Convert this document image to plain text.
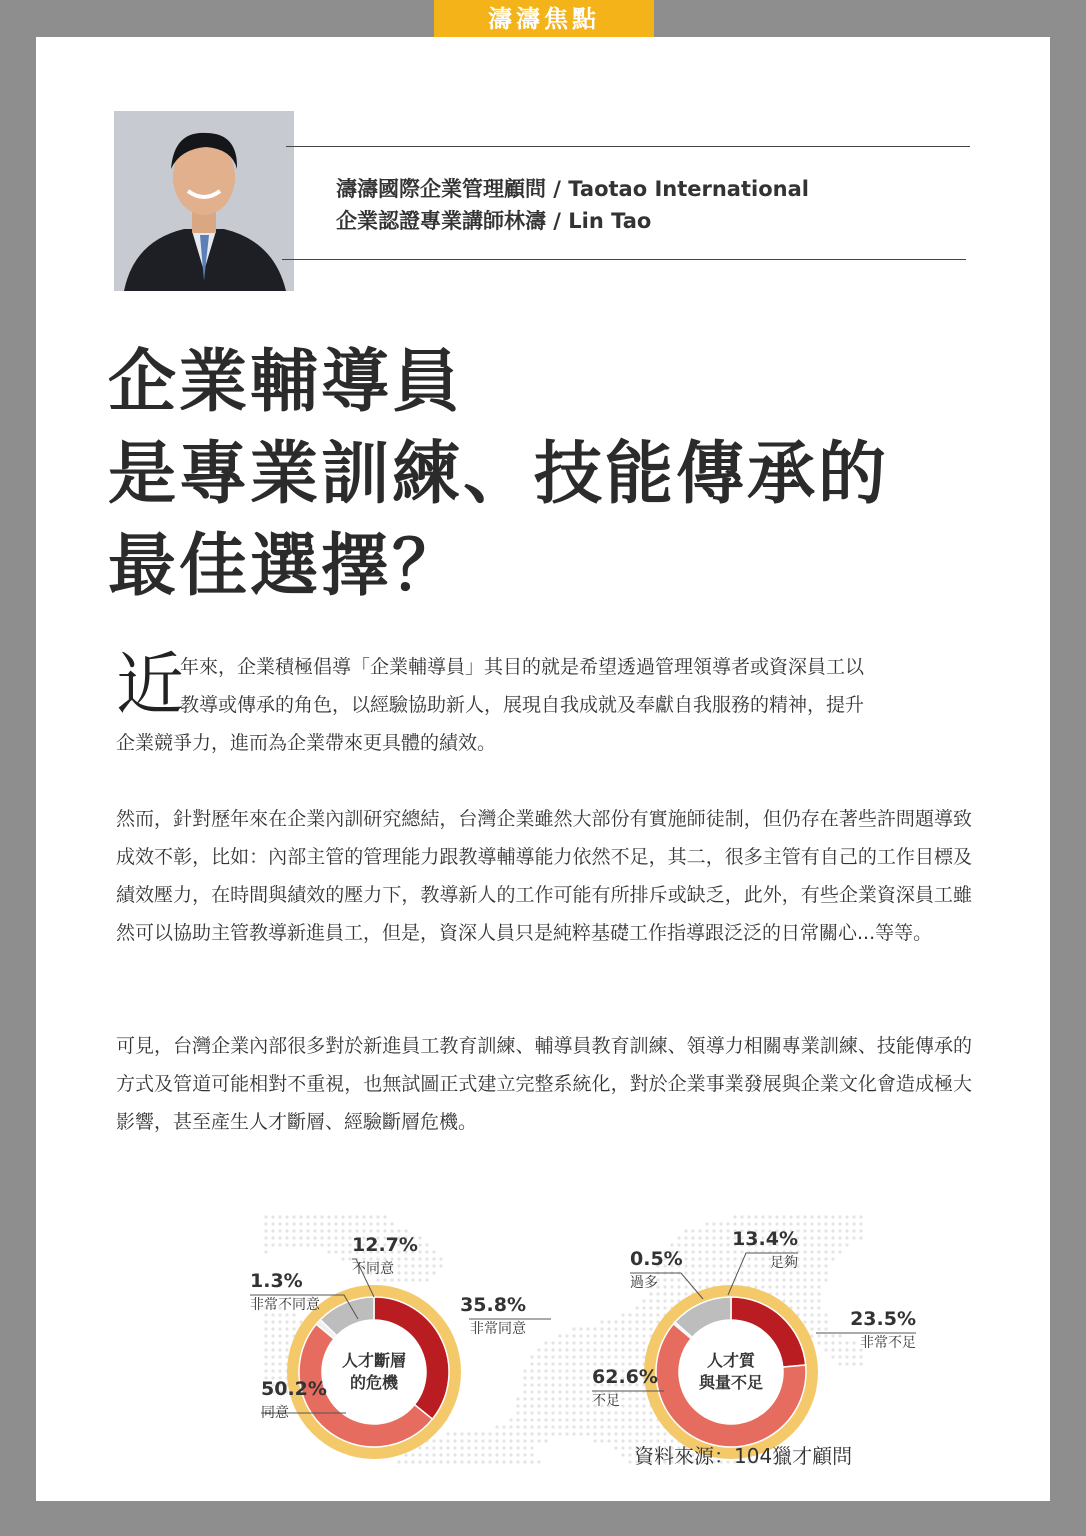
濤濤焦點
濤濤國際企業管理顧問 / Taotao International
企業認證專業講師林濤 / Lin Tao
企業輔導員
是專業訓練、技能傳承的
最佳選擇？
近
年來，企業積極倡導「企業輔導員」其目的就是希望透過管理領導者或資深員工以
教導或傳承的角色，以經驗協助新人，展現自我成就及奉獻自我服務的精神，提升
企業競爭力，進而為企業帶來更具體的績效。
然而，針對歷年來在企業內訓研究總結，台灣企業雖然大部份有實施師徒制，但仍存在著些許問題導致成效不彰，比如：內部主管的管理能力跟教導輔導能力依然不足，其二，很多主管有自己的工作目標及績效壓力，在時間與績效的壓力下，教導新人的工作可能有所排斥或缺乏，此外，有些企業資深員工雖然可以協助主管教導新進員工，但是，資深人員只是純粹基礎工作指導跟泛泛的日常關心...等等。
可見，台灣企業內部很多對於新進員工教育訓練、輔導員教育訓練、領導力相關專業訓練、技能傳承的方式及管道可能相對不重視，也無試圖正式建立完整系統化，對於企業事業發展與企業文化會造成極大影響，甚至產生人才斷層、經驗斷層危機。
人才斷層
的危機
35.8%
非常同意
50.2%
同意
1.3%
非常不同意
12.7%
不同意
人才質
與量不足
23.5%
非常不足
62.6%
不足
0.5%
過多
13.4%
足夠
資料來源：104獵才顧問
